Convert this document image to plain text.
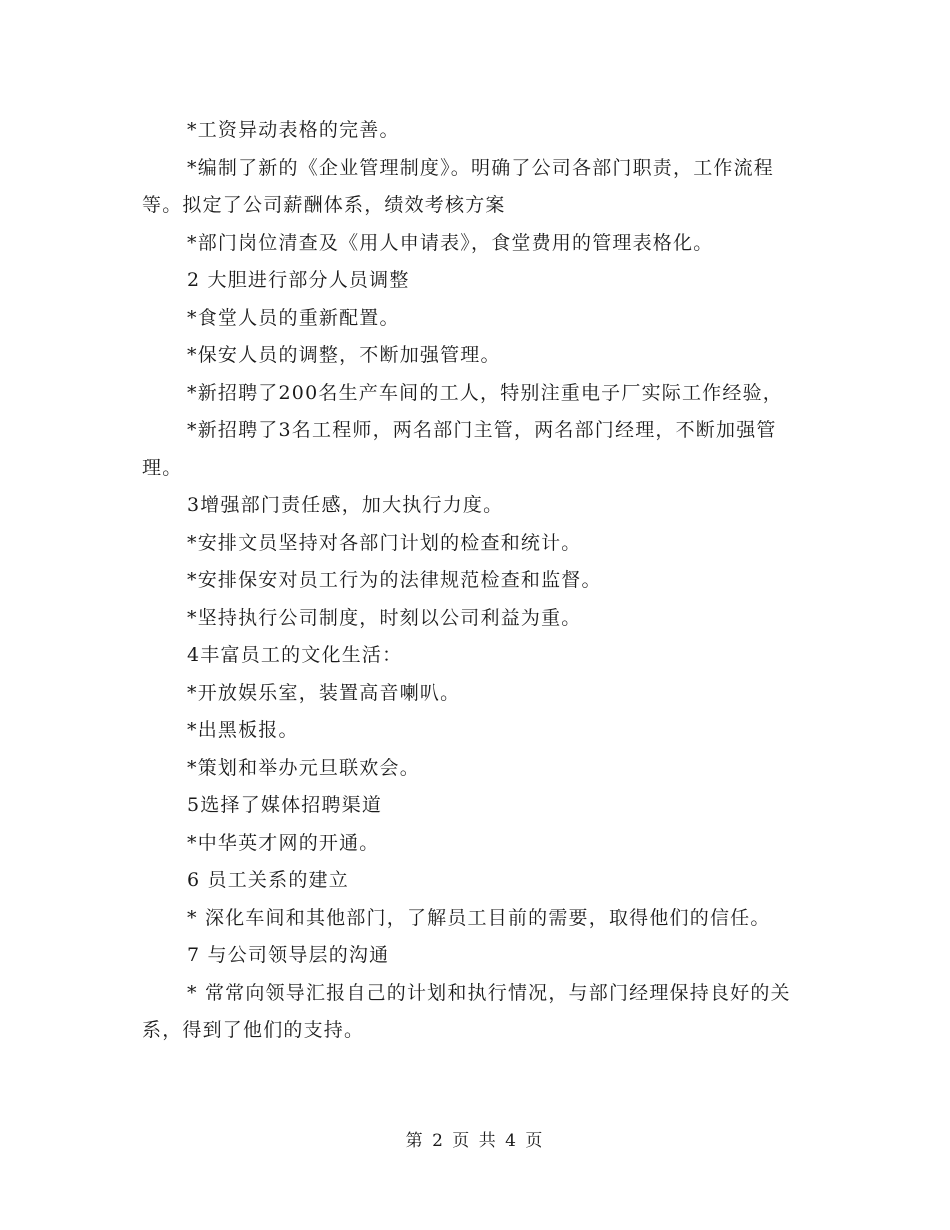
*工资异动表格的完善。

*编制了新的《企业管理制度》。明确了公司各部门职责，工作流程等。拟定了公司薪酬体系，绩效考核方案

*部门岗位清查及《用人申请表》，食堂费用的管理表格化。

2 大胆进行部分人员调整

*食堂人员的重新配置。

*保安人员的调整，不断加强管理。

*新招聘了200名生产车间的工人，特别注重电子厂实际工作经验，

*新招聘了3名工程师，两名部门主管，两名部门经理，不断加强管理。

3增强部门责任感，加大执行力度。

*安排文员坚持对各部门计划的检查和统计。

*安排保安对员工行为的法律规范检查和监督。

*坚持执行公司制度，时刻以公司利益为重。

4丰富员工的文化生活：

*开放娱乐室，装置高音喇叭。

*出黑板报。

*策划和举办元旦联欢会。

5选择了媒体招聘渠道

*中华英才网的开通。

6 员工关系的建立

* 深化车间和其他部门，了解员工目前的需要，取得他们的信任。

7 与公司领导层的沟通

* 常常向领导汇报自己的计划和执行情况，与部门经理保持良好的关系，得到了他们的支持。

第 2 页 共 4 页
